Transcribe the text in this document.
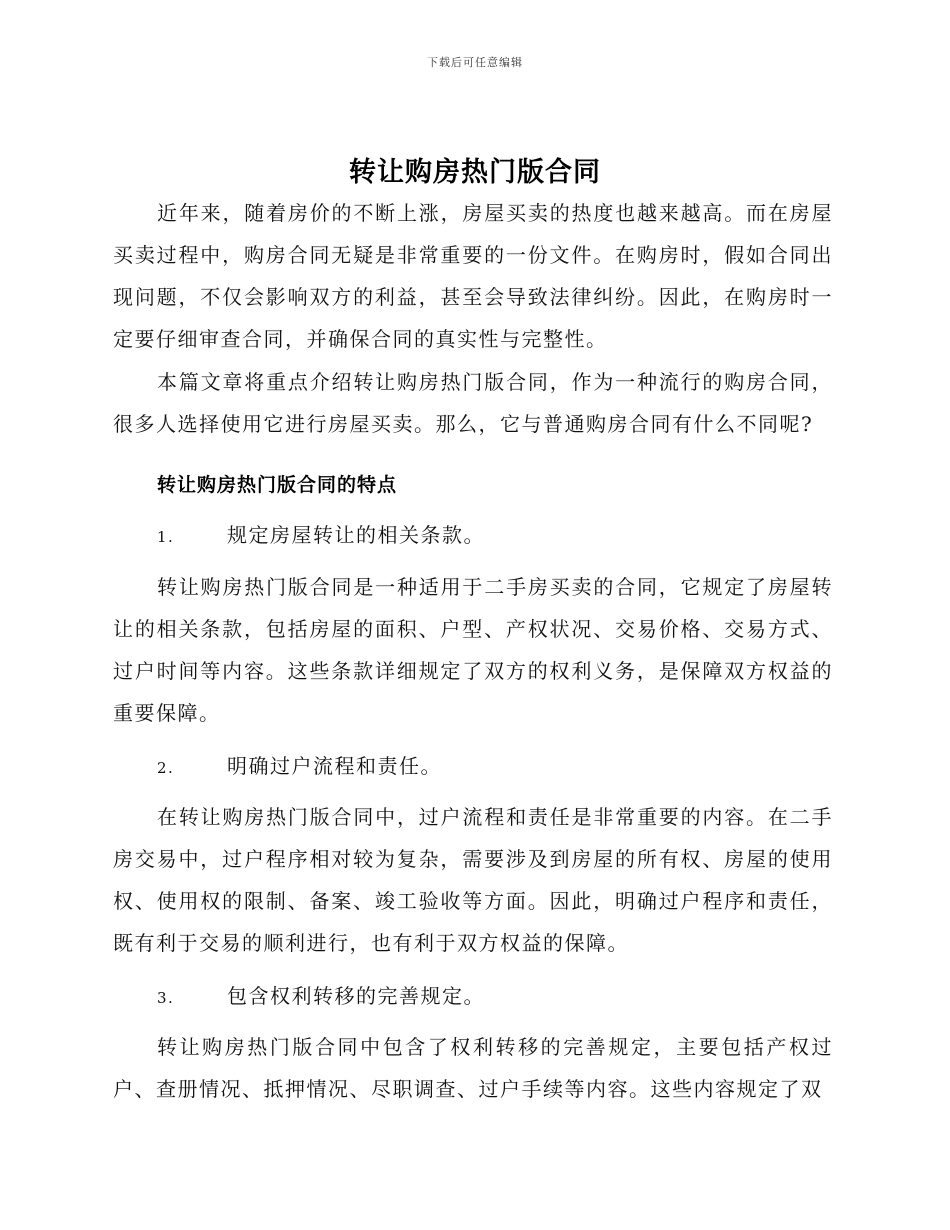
下载后可任意编辑
转让购房热门版合同

近年来，随着房价的不断上涨，房屋买卖的热度也越来越高。而在房屋买卖过程中，购房合同无疑是非常重要的一份文件。在购房时，假如合同出现问题，不仅会影响双方的利益，甚至会导致法律纠纷。因此，在购房时一定要仔细审查合同，并确保合同的真实性与完整性。

本篇文章将重点介绍转让购房热门版合同，作为一种流行的购房合同，很多人选择使用它进行房屋买卖。那么，它与普通购房合同有什么不同呢?

转让购房热门版合同的特点

1.	规定房屋转让的相关条款。

转让购房热门版合同是一种适用于二手房买卖的合同，它规定了房屋转让的相关条款，包括房屋的面积、户型、产权状况、交易价格、交易方式、过户时间等内容。这些条款详细规定了双方的权利义务，是保障双方权益的重要保障。

2.	明确过户流程和责任。

在转让购房热门版合同中，过户流程和责任是非常重要的内容。在二手房交易中，过户程序相对较为复杂，需要涉及到房屋的所有权、房屋的使用权、使用权的限制、备案、竣工验收等方面。因此，明确过户程序和责任，既有利于交易的顺利进行，也有利于双方权益的保障。

3.	包含权利转移的完善规定。

转让购房热门版合同中包含了权利转移的完善规定，主要包括产权过户、查册情况、抵押情况、尽职调查、过户手续等内容。这些内容规定了双
